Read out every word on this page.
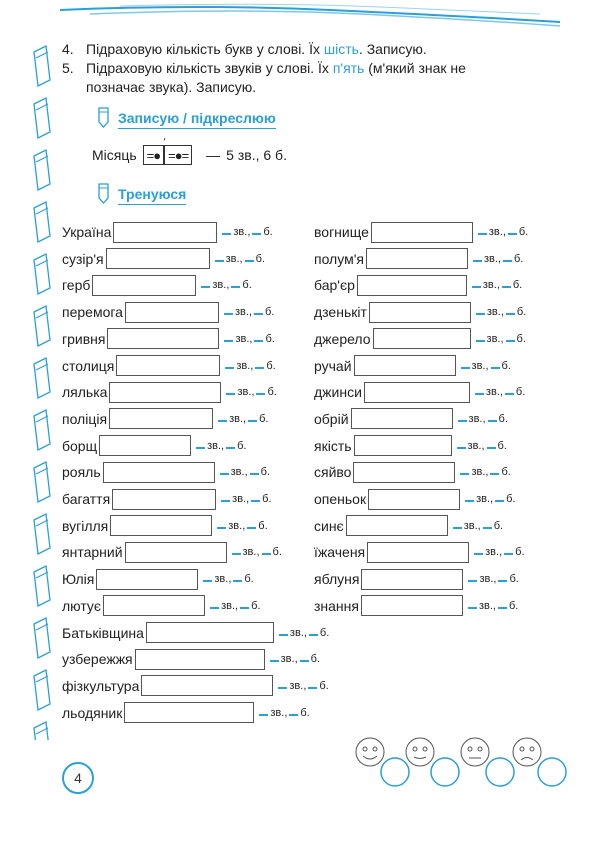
4. Підраховую кількість букв у слові. Їх шість. Записую.
5. Підраховую кількість звуків у слові. Їх п'ять (м'який знак не
позначає звука). Записую.
Записую / підкреслюю
Місяць
′
=● =●= — 5 зв., 6 б.
Тренуюся
Україна	зв., б.
сузір'я	зв., б.
герб	зв., б.
перемога	зв., б.
гривня	зв., б.
столиця	зв., б.
лялька	зв., б.
поліція	зв., б.
борщ	зв., б.
рояль	зв., б.
багаття	зв., б.
вугілля	зв., б.
янтарний	зв., б.
Юлія	зв., б.
лютує	зв., б.
вогнище	зв., б.
полум'я	зв., б.
бар'єр	зв., б.
дзенькіт	зв., б.
джерело	зв., б.
ручай	зв., б.
джинси	зв., б.
обрій	зв., б.
якість	зв., б.
сяйво	зв., б.
опеньок	зв., б.
синє	зв., б.
їжаченя	зв., б.
яблуня	зв., б.
знання	зв., б.
Батьківщина	зв., б.
узбережжя	зв., б.
фізкультура	зв., б.
льодяник	зв., б.
4
